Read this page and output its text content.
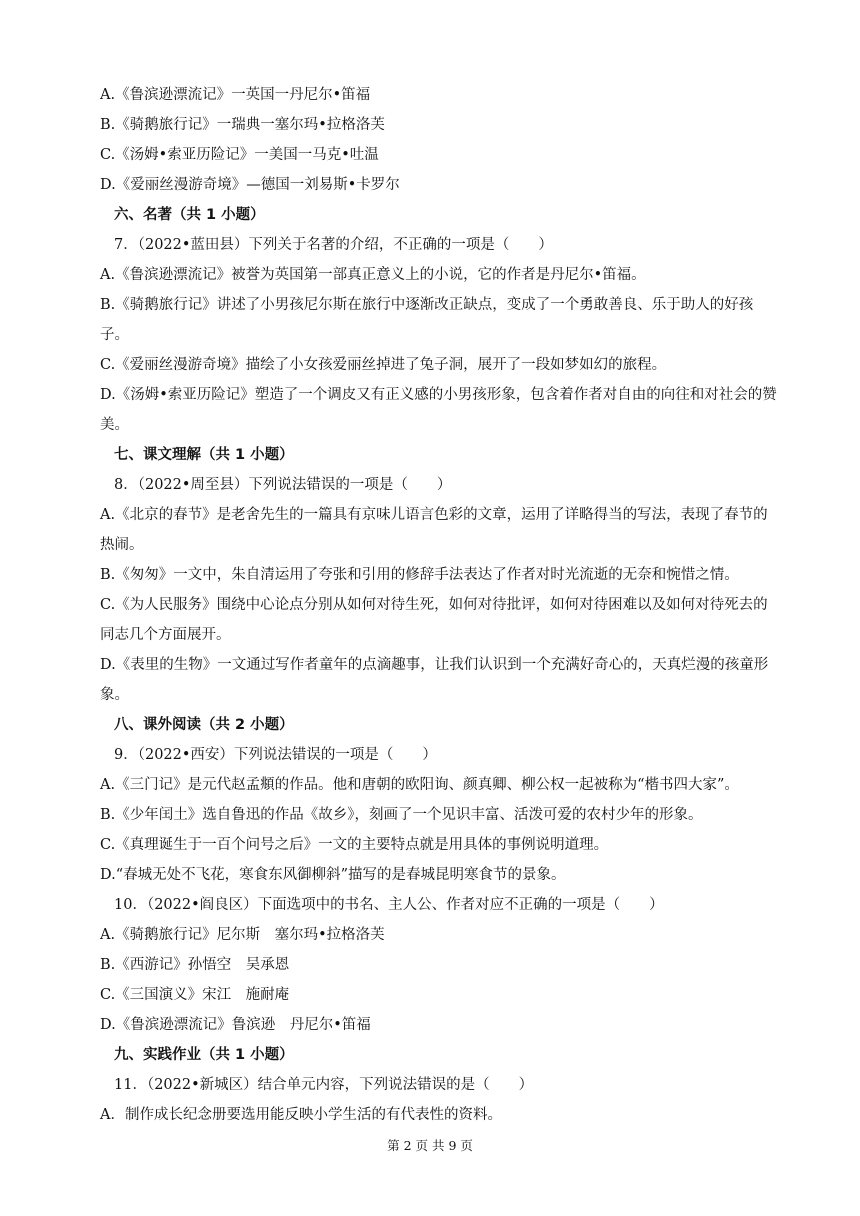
A.《鲁滨逊漂流记》一英国一丹尼尔•笛福
B.《骑鹅旅行记》一瑞典一塞尔玛•拉格洛芙
C.《汤姆•索亚历险记》一美国一马克•吐温
D.《爱丽丝漫游奇境》—德国一刘易斯•卡罗尔
六、名著（共 1 小题）
7．（2022•蓝田县）下列关于名著的介绍，不正确的一项是（　　）
A.《鲁滨逊漂流记》被誉为英国第一部真正意义上的小说，它的作者是丹尼尔•笛福。
B.《骑鹅旅行记》讲述了小男孩尼尔斯在旅行中逐渐改正缺点，变成了一个勇敢善良、乐于助人的好孩子。
C.《爱丽丝漫游奇境》描绘了小女孩爱丽丝掉进了兔子洞，展开了一段如梦如幻的旅程。
D.《汤姆•索亚历险记》塑造了一个调皮又有正义感的小男孩形象，包含着作者对自由的向往和对社会的赞美。
七、课文理解（共 1 小题）
8．（2022•周至县）下列说法错误的一项是（　　）
A.《北京的春节》是老舍先生的一篇具有京味儿语言色彩的文章，运用了详略得当的写法，表现了春节的热闹。
B.《匆匆》一文中，朱自清运用了夸张和引用的修辞手法表达了作者对时光流逝的无奈和惋惜之情。
C.《为人民服务》围绕中心论点分别从如何对待生死，如何对待批评，如何对待困难以及如何对待死去的同志几个方面展开。
D.《表里的生物》一文通过写作者童年的点滴趣事，让我们认识到一个充满好奇心的，天真烂漫的孩童形象。
八、课外阅读（共 2 小题）
9．（2022•西安）下列说法错误的一项是（　　）
A.《三门记》是元代赵孟頫的作品。他和唐朝的欧阳询、颜真卿、柳公权一起被称为“楷书四大家”。
B.《少年闰土》选自鲁迅的作品《故乡》，刻画了一个见识丰富、活泼可爱的农村少年的形象。
C.《真理诞生于一百个问号之后》一文的主要特点就是用具体的事例说明道理。
D.“春城无处不飞花，寒食东风御柳斜”描写的是春城昆明寒食节的景象。
10．（2022•阎良区）下面选项中的书名、主人公、作者对应不正确的一项是（　　）
A.《骑鹅旅行记》尼尔斯　塞尔玛•拉格洛芙
B.《西游记》孙悟空　吴承恩
C.《三国演义》宋江　施耐庵
D.《鲁滨逊漂流记》鲁滨逊　丹尼尔•笛福
九、实践作业（共 1 小题）
11．（2022•新城区）结合单元内容，下列说法错误的是（　　）
A．制作成长纪念册要选用能反映小学生活的有代表性的资料。
第 2 页 共 9 页
